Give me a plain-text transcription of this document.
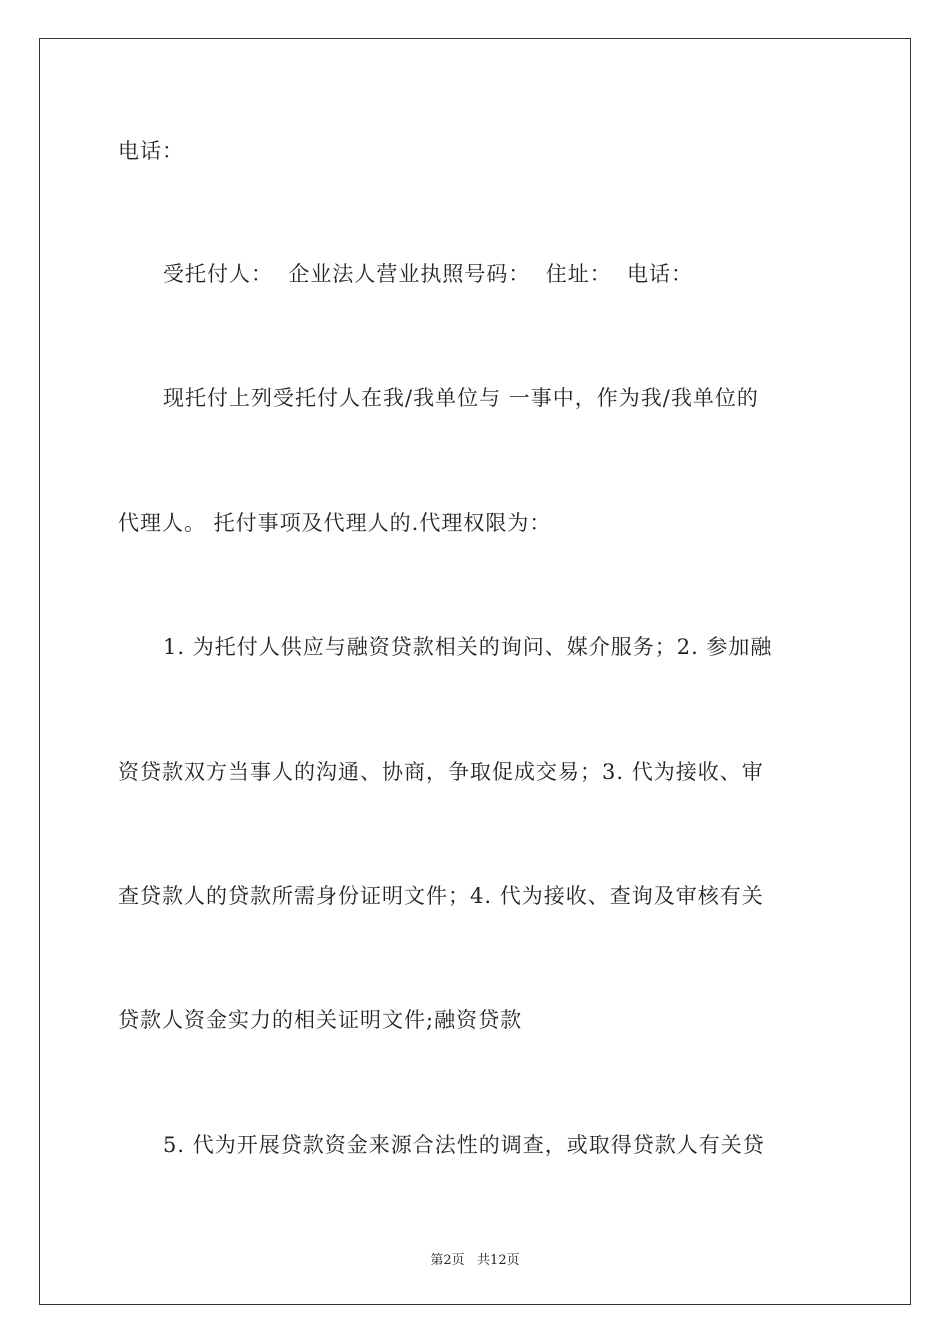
电话：
受托付人：  企业法人营业执照号码：  住址：  电话：
现托付上列受托付人在我/我单位与 一事中，作为我/我单位的
代理人。 托付事项及代理人的.代理权限为：
1. 为托付人供应与融资贷款相关的询问、媒介服务；2. 参加融
资贷款双方当事人的沟通、协商，争取促成交易；3. 代为接收、审
查贷款人的贷款所需身份证明文件；4. 代为接收、查询及审核有关
贷款人资金实力的相关证明文件;融资贷款
5. 代为开展贷款资金来源合法性的调查，或取得贷款人有关贷
第2页   共12页
